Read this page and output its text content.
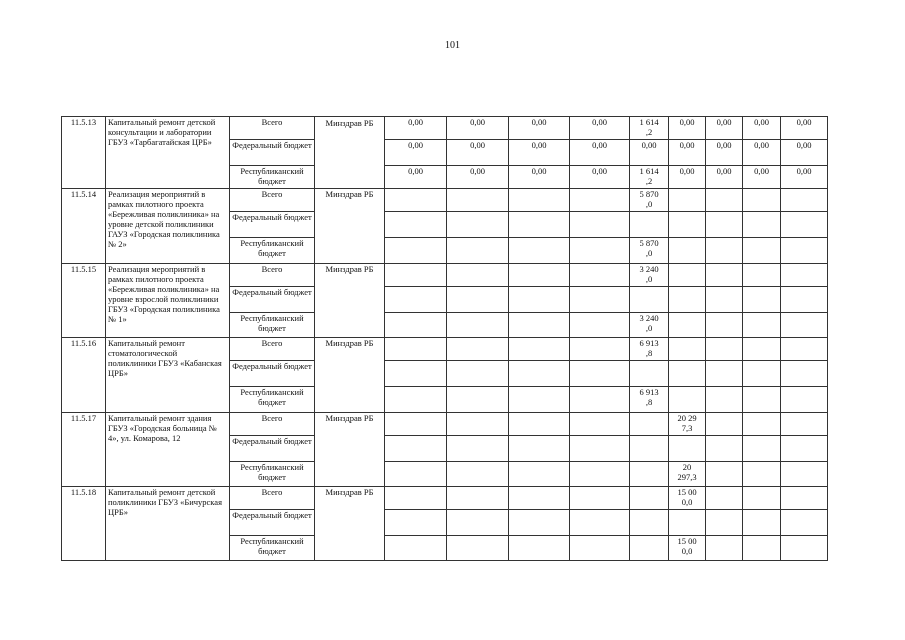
101
11.5.13	Капитальный ремонт детской консультации и лаборатории ГБУЗ «Тарбагатайская ЦРБ»	Всего	Минздрав РБ	0,00	0,00	0,00	0,00	1 614
,2	0,00	0,00	0,00	0,00
		Федеральный бюджет		0,00	0,00	0,00	0,00	0,00	0,00	0,00	0,00	0,00
		Республиканский бюджет		0,00	0,00	0,00	0,00	1 614
,2	0,00	0,00	0,00	0,00
11.5.14	Реализация мероприятий в рамках пилотного проекта «Бережливая поликлиника» на уровне детской поликлиники ГАУЗ «Городская поликлиника № 2»	Всего	Минздрав РБ					5 870
,0				
		Федеральный бюджет										
		Республиканский бюджет						5 870
,0				
11.5.15	Реализация мероприятий в рамках пилотного проекта «Бережливая поликлиника» на уровне взрослой поликлиники ГБУЗ «Городская поликлиника № 1»	Всего	Минздрав РБ					3 240
,0				
		Федеральный бюджет										
		Республиканский бюджет						3 240
,0				
11.5.16	Капитальный ремонт стоматологической поликлиники ГБУЗ «Кабанская ЦРБ»	Всего	Минздрав РБ					6 913
,8				
		Федеральный бюджет										
		Республиканский бюджет						6 913
,8				
11.5.17	Капитальный ремонт здания ГБУЗ «Городская больница № 4», ул. Комарова, 12	Всего	Минздрав РБ						20 29
7,3			
		Федеральный бюджет										
		Республиканский бюджет							20
297,3			
11.5.18	Капитальный ремонт детской поликлиники ГБУЗ «Бичурская ЦРБ»	Всего	Минздрав РБ						15 00
0,0			
		Федеральный бюджет										
		Республиканский бюджет							15 00
0,0			
